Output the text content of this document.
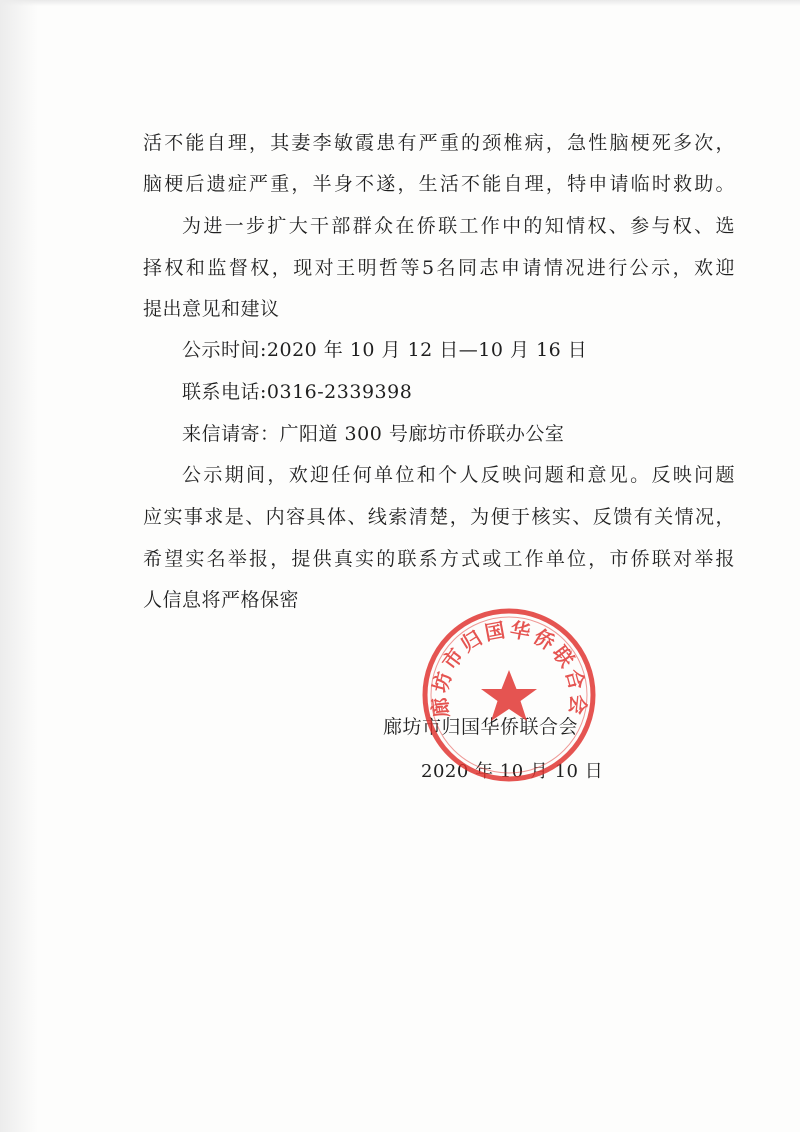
活不能自理，其妻李敏霞患有严重的颈椎病，急性脑梗死多次，
脑梗后遗症严重，半身不遂，生活不能自理，特申请临时救助。
为进一步扩大干部群众在侨联工作中的知情权、参与权、选
择权和监督权，现对王明哲等5名同志申请情况进行公示，欢迎
提出意见和建议
公示时间:2020 年 10 月 12 日—10 月 16 日
联系电话:0316-2339398
来信请寄：广阳道 300 号廊坊市侨联办公室
公示期间，欢迎任何单位和个人反映问题和意见。反映问题
应实事求是、内容具体、线索清楚，为便于核实、反馈有关情况，
希望实名举报，提供真实的联系方式或工作单位，市侨联对举报
人信息将严格保密
廊坊市归国华侨联合会
2020 年 10 月 10 日
廊坊市归国华侨联合会
